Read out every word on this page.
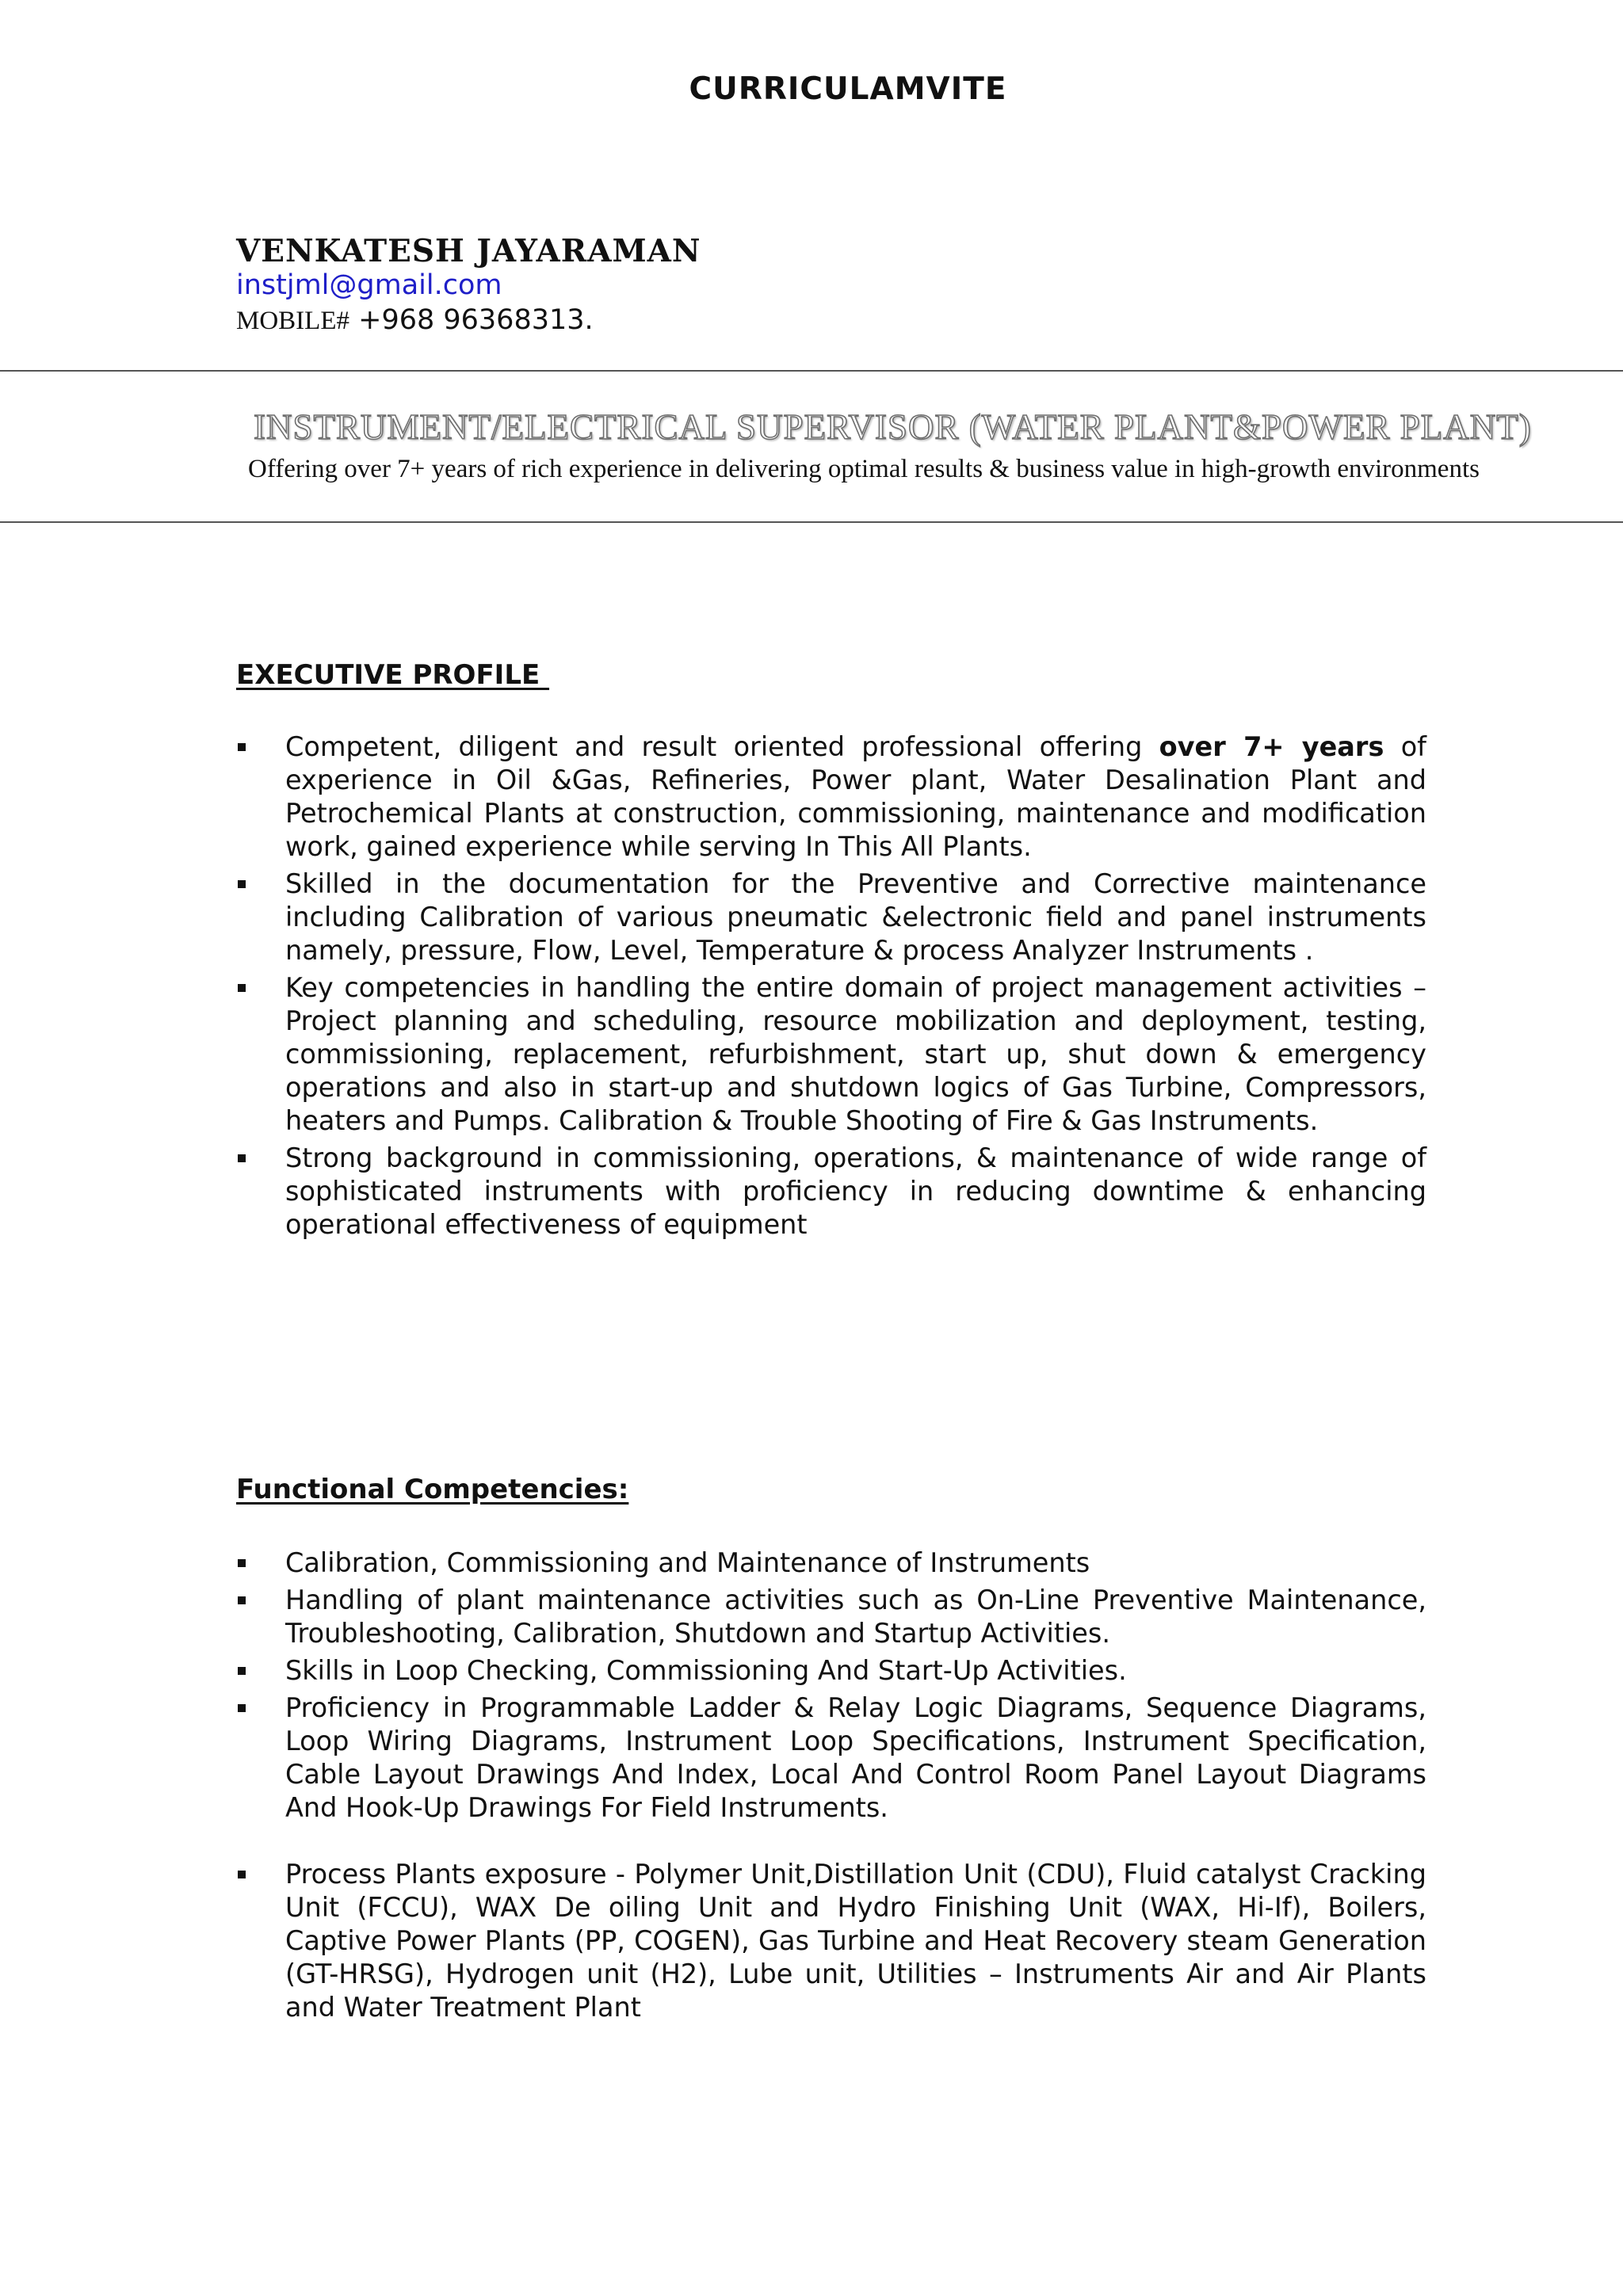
CURRICULAMVITE
VENKATESH JAYARAMAN
instjml@gmail.com
MOBILE# +968 96368313.
INSTRUMENT/ELECTRICAL SUPERVISOR (WATER PLANT&POWER PLANT)
Offering over 7+ years of rich experience in delivering optimal results & business value in high-growth environments
EXECUTIVE PROFILE
Competent, diligent and result oriented professional offering over 7+ years of experience in Oil &Gas, Refineries, Power plant, Water Desalination Plant and Petrochemical Plants at construction, commissioning, maintenance and modification work, gained experience while serving In This All Plants.
Skilled in the documentation for the Preventive and Corrective maintenance including Calibration of various pneumatic &electronic field and panel instruments namely, pressure, Flow, Level, Temperature & process Analyzer Instruments .
Key competencies in handling the entire domain of project management activities – Project planning and scheduling, resource mobilization and deployment, testing, commissioning, replacement, refurbishment, start up, shut down & emergency operations and also in start-up and shutdown logics of Gas Turbine, Compressors, heaters and Pumps. Calibration & Trouble Shooting of Fire & Gas Instruments.
Strong background in commissioning, operations, & maintenance of wide range of sophisticated instruments with proficiency in reducing downtime & enhancing operational effectiveness of equipment
Functional Competencies:
Calibration, Commissioning and Maintenance of Instruments
Handling of plant maintenance activities such as On-Line Preventive Maintenance, Troubleshooting, Calibration, Shutdown and Startup Activities.
Skills in Loop Checking, Commissioning And Start-Up Activities.
Proficiency in Programmable Ladder & Relay Logic Diagrams, Sequence Diagrams, Loop Wiring Diagrams, Instrument Loop Specifications, Instrument Specification, Cable Layout Drawings And Index, Local And Control Room Panel Layout Diagrams And Hook-Up Drawings For Field Instruments.
Process Plants exposure - Polymer Unit,Distillation Unit (CDU), Fluid catalyst Cracking Unit (FCCU), WAX De oiling Unit and Hydro Finishing Unit (WAX, Hi-If), Boilers, Captive Power Plants (PP, COGEN), Gas Turbine and Heat Recovery steam Generation (GT-HRSG), Hydrogen unit (H2), Lube unit, Utilities – Instruments Air and Air Plants and Water Treatment Plant
